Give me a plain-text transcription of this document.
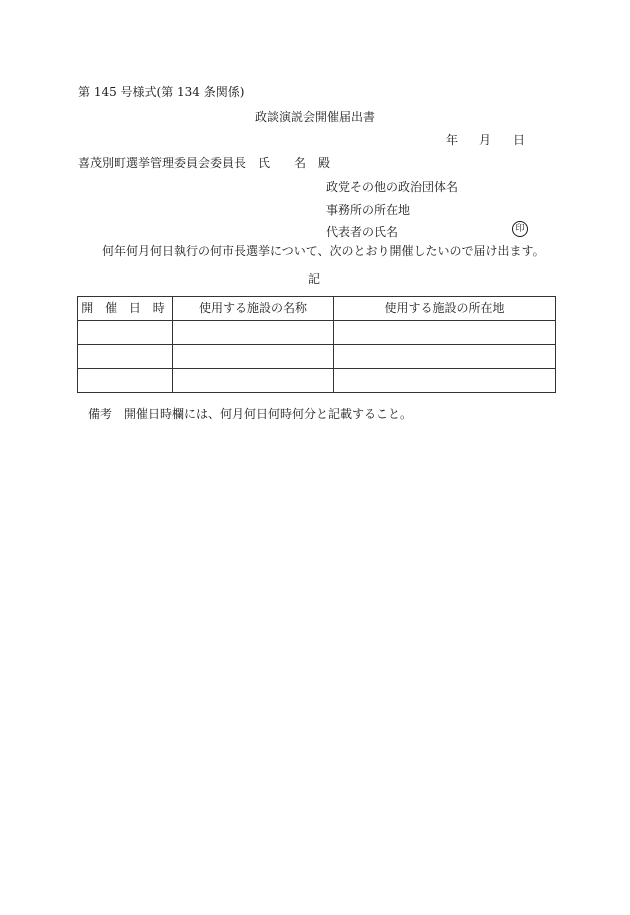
第 145 号様式(第 134 条関係)
政談演説会開催届出書
年 月 日
喜茂別町選挙管理委員会委員長　氏　　名　殿
政党その他の政治団体名
事務所の所在地
代表者の氏名	印
何年何月何日執行の何市長選挙について、次のとおり開催したいので届け出ます。
記
開 催 日 時	使用する施設の名称	使用する施設の所在地

備考　開催日時欄には、何月何日何時何分と記載すること。
